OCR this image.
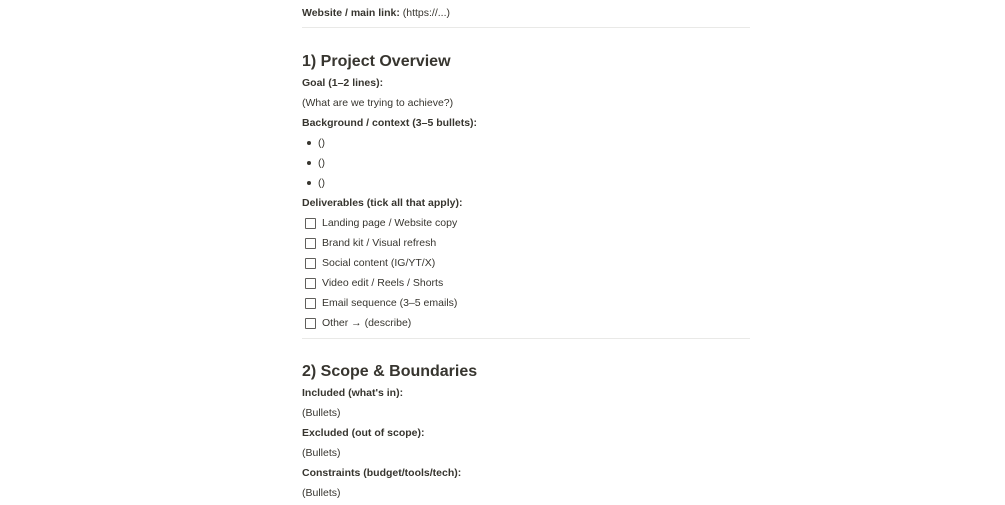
Website / main link: (https://...)
1) Project Overview
Goal (1–2 lines):
(What are we trying to achieve?)
Background / context (3–5 bullets):
()
()
()
Deliverables (tick all that apply):
Landing page / Website copy
Brand kit / Visual refresh
Social content (IG/YT/X)
Video edit / Reels / Shorts
Email sequence (3–5 emails)
Other → (describe)
2) Scope & Boundaries
Included (what's in):
(Bullets)
Excluded (out of scope):
(Bullets)
Constraints (budget/tools/tech):
(Bullets)
